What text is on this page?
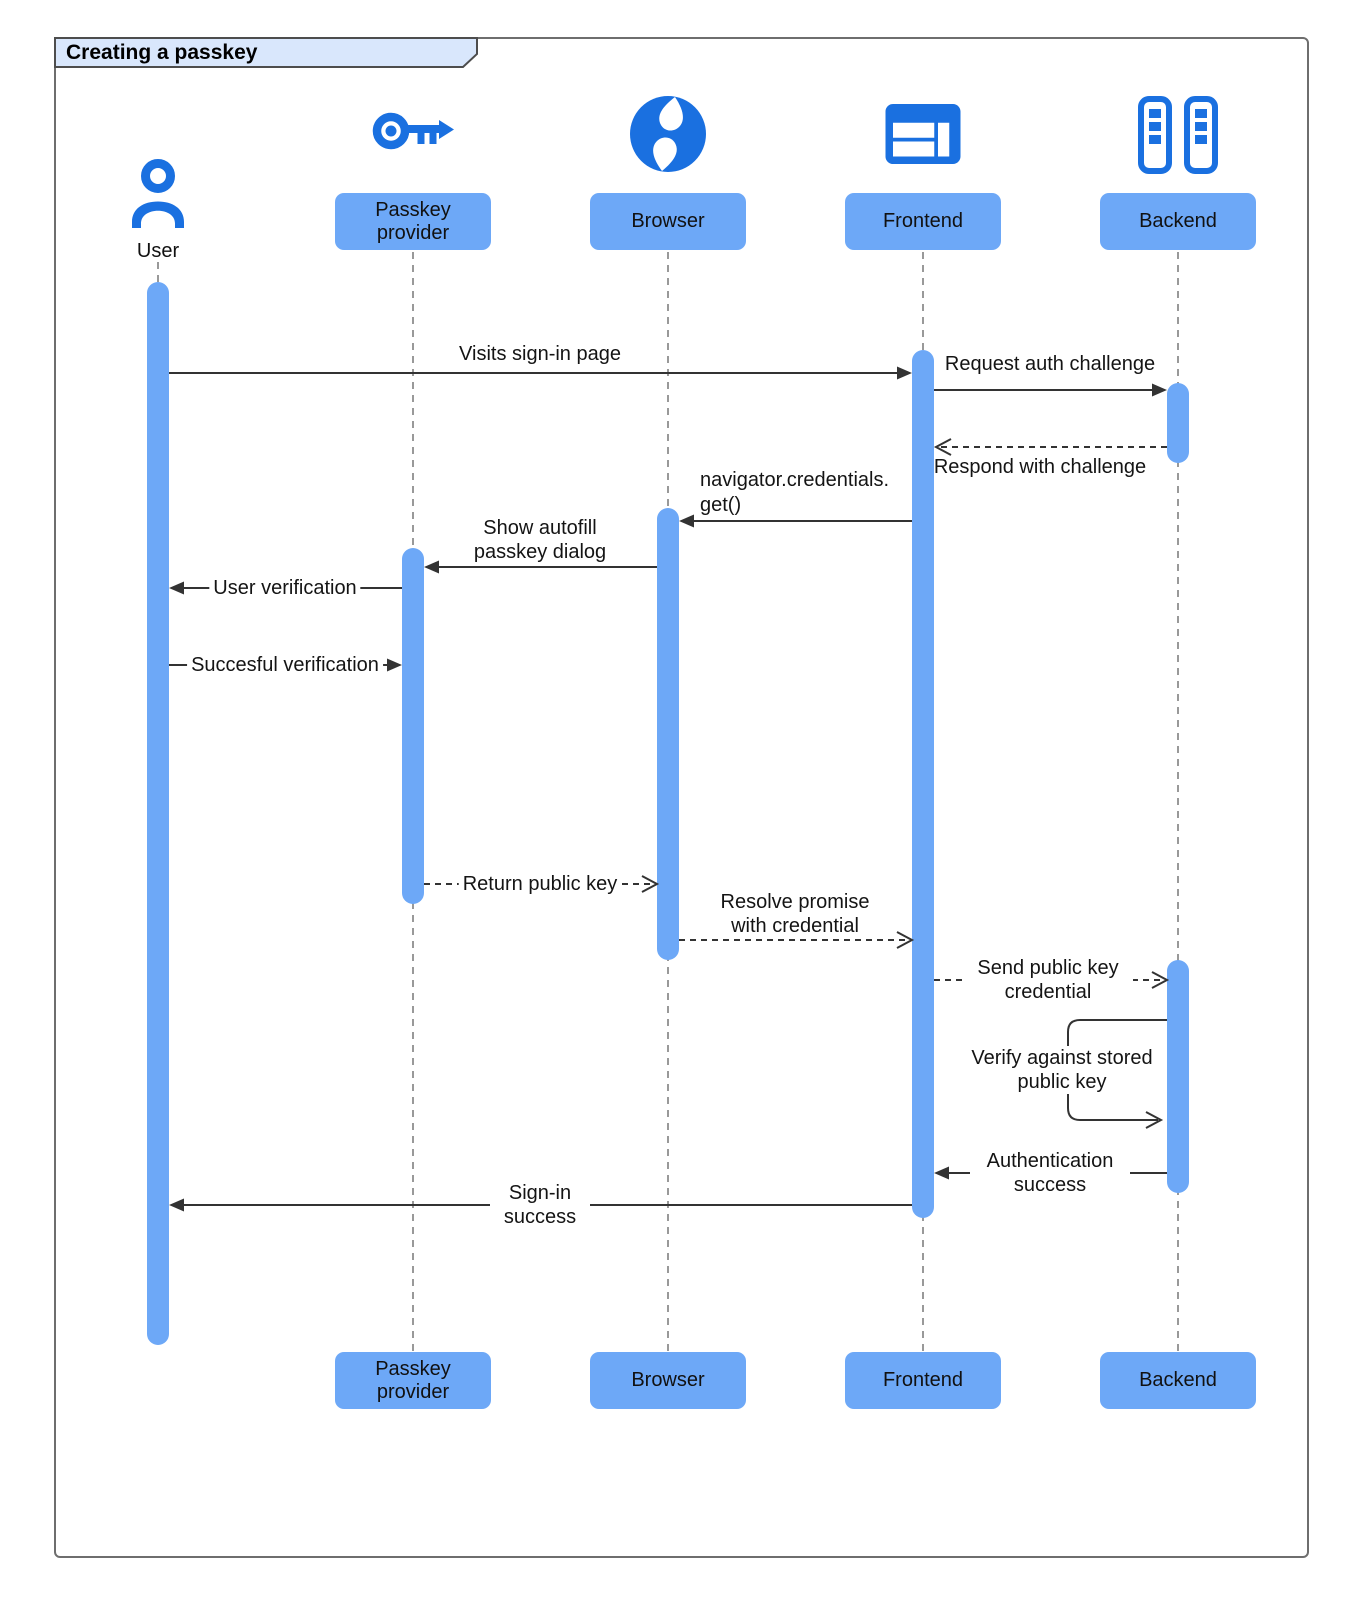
Creating a passkey
User
Passkey provider
Browser	Frontend	Backend
Visits sign-in page	Request auth challenge
Respond with challenge
navigator.credentials. get()
Show autofill passkey dialog
User verification
Succesful verification
Return public key
Resolve promise with credential
Send public key credential
Verify against stored public key
Authentication success
Sign-in success
Passkey provider
Browser	Frontend	Backend
